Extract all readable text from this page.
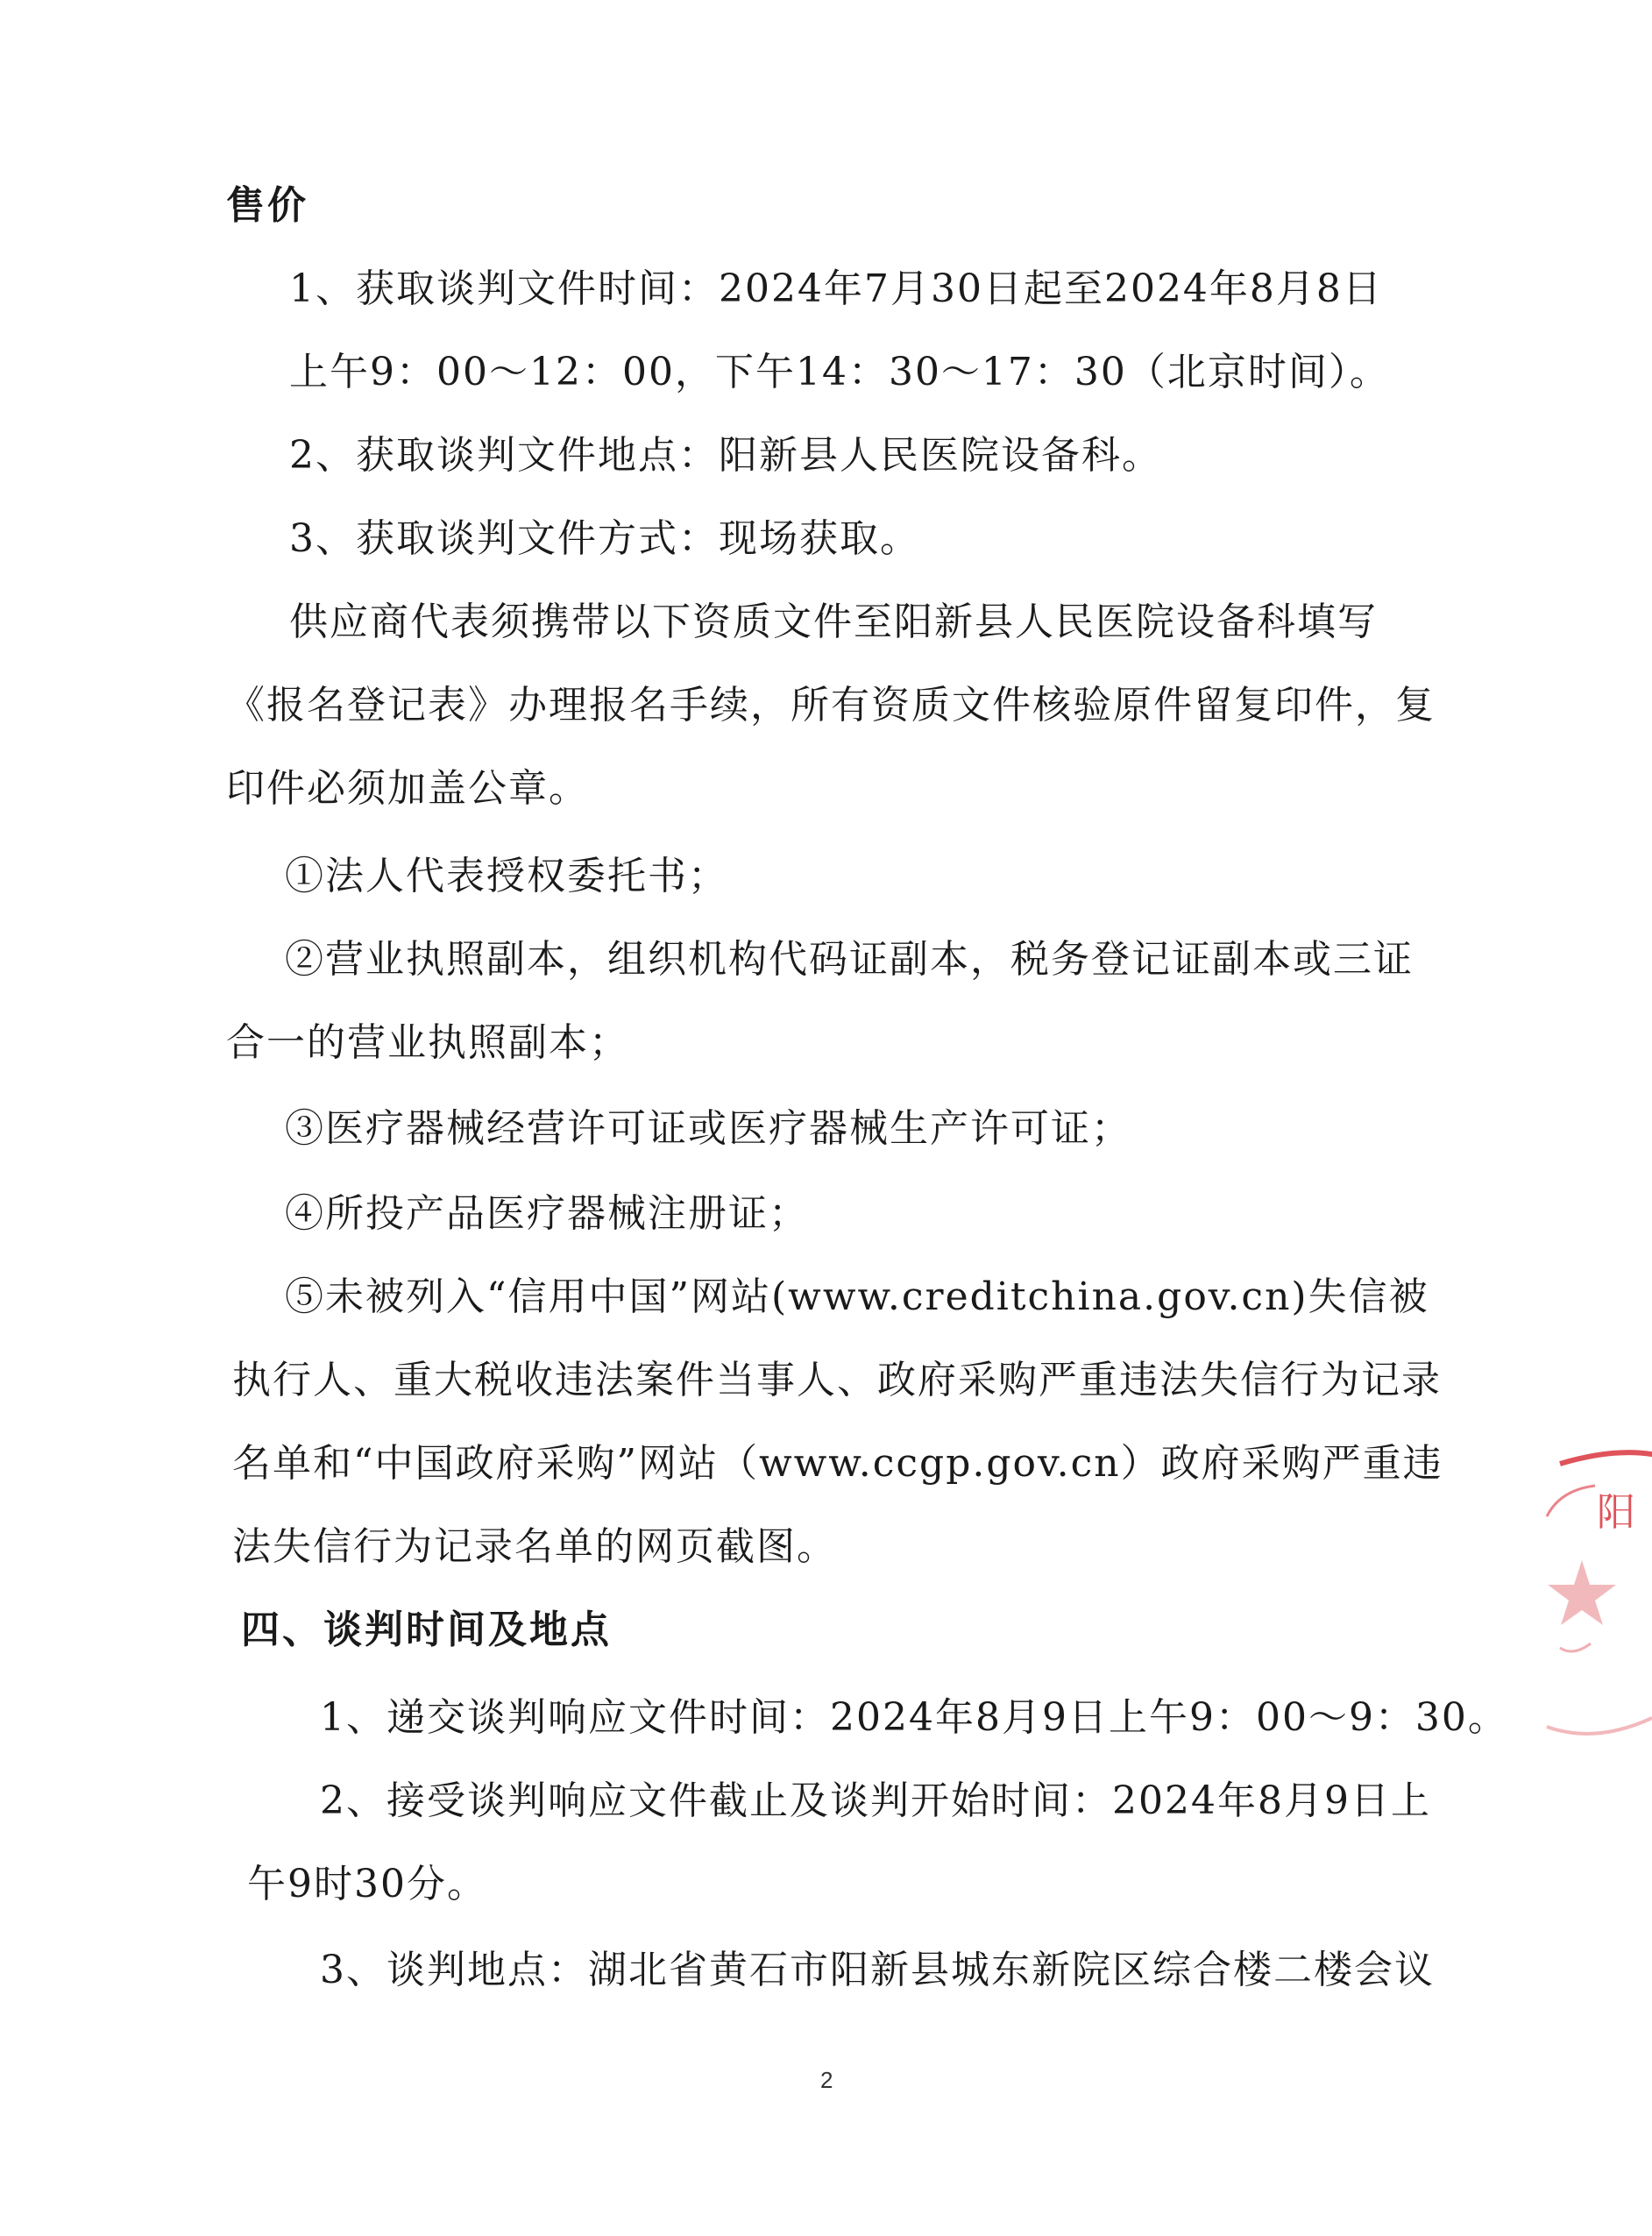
售价
1、获取谈判文件时间：2024年7月30日起至2024年8月8日
上午9：00～12：00，下午14：30～17：30（北京时间）。
2、获取谈判文件地点：阳新县人民医院设备科。
3、获取谈判文件方式：现场获取。
供应商代表须携带以下资质文件至阳新县人民医院设备科填写
《报名登记表》办理报名手续，所有资质文件核验原件留复印件，复
印件必须加盖公章。
①法人代表授权委托书；
②营业执照副本，组织机构代码证副本，税务登记证副本或三证
合一的营业执照副本；
③医疗器械经营许可证或医疗器械生产许可证；
④所投产品医疗器械注册证；
⑤未被列入“信用中国”网站(www.creditchina.gov.cn)失信被
执行人、重大税收违法案件当事人、政府采购严重违法失信行为记录
名单和“中国政府采购”网站（www.ccgp.gov.cn）政府采购严重违
法失信行为记录名单的网页截图。
四、谈判时间及地点
1、递交谈判响应文件时间：2024年8月9日上午9：00～9：30。
2、接受谈判响应文件截止及谈判开始时间：2024年8月9日上
午9时30分。
3、谈判地点：湖北省黄石市阳新县城东新院区综合楼二楼会议
2
阳
